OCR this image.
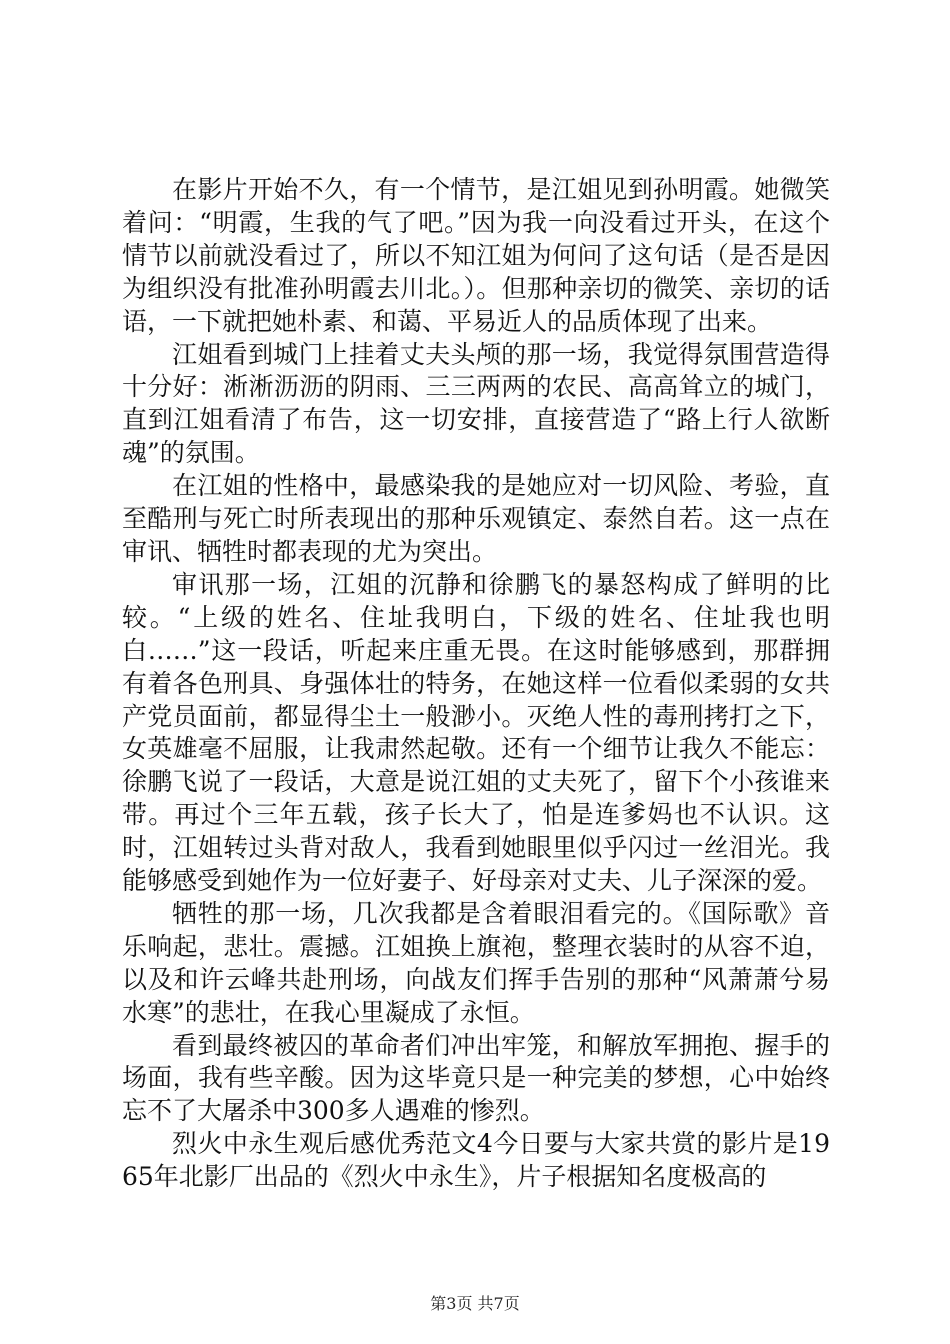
在影片开始不久，有一个情节，是江姐见到孙明霞。她微笑着问：“明霞，生我的气了吧。”因为我一向没看过开头，在这个情节以前就没看过了，所以不知江姐为何问了这句话（是否是因为组织没有批准孙明霞去川北。）。但那种亲切的微笑、亲切的话语，一下就把她朴素、和蔼、平易近人的品质体现了出来。

江姐看到城门上挂着丈夫头颅的那一场，我觉得氛围营造得十分好：淅淅沥沥的阴雨、三三两两的农民、高高耸立的城门，直到江姐看清了布告，这一切安排，直接营造了“路上行人欲断魂”的氛围。

在江姐的性格中，最感染我的是她应对一切风险、考验，直至酷刑与死亡时所表现出的那种乐观镇定、泰然自若。这一点在审讯、牺牲时都表现的尤为突出。

审讯那一场，江姐的沉静和徐鹏飞的暴怒构成了鲜明的比较。“上级的姓名、住址我明白，下级的姓名、住址我也明白……”这一段话，听起来庄重无畏。在这时能够感到，那群拥有着各色刑具、身强体壮的特务，在她这样一位看似柔弱的女共产党员面前，都显得尘土一般渺小。灭绝人性的毒刑拷打之下，女英雄毫不屈服，让我肃然起敬。还有一个细节让我久不能忘：徐鹏飞说了一段话，大意是说江姐的丈夫死了，留下个小孩谁来带。再过个三年五载，孩子长大了，怕是连爹妈也不认识。这时，江姐转过头背对敌人，我看到她眼里似乎闪过一丝泪光。我能够感受到她作为一位好妻子、好母亲对丈夫、儿子深深的爱。

牺牲的那一场，几次我都是含着眼泪看完的。《国际歌》音乐响起，悲壮。震撼。江姐换上旗袍，整理衣装时的从容不迫，以及和许云峰共赴刑场，向战友们挥手告别的那种“风萧萧兮易水寒”的悲壮，在我心里凝成了永恒。

看到最终被囚的革命者们冲出牢笼，和解放军拥抱、握手的场面，我有些辛酸。因为这毕竟只是一种完美的梦想，心中始终忘不了大屠杀中300多人遇难的惨烈。

烈火中永生观后感优秀范文4今日要与大家共赏的影片是1965年北影厂出品的《烈火中永生》，片子根据知名度极高的

第3页 共7页
